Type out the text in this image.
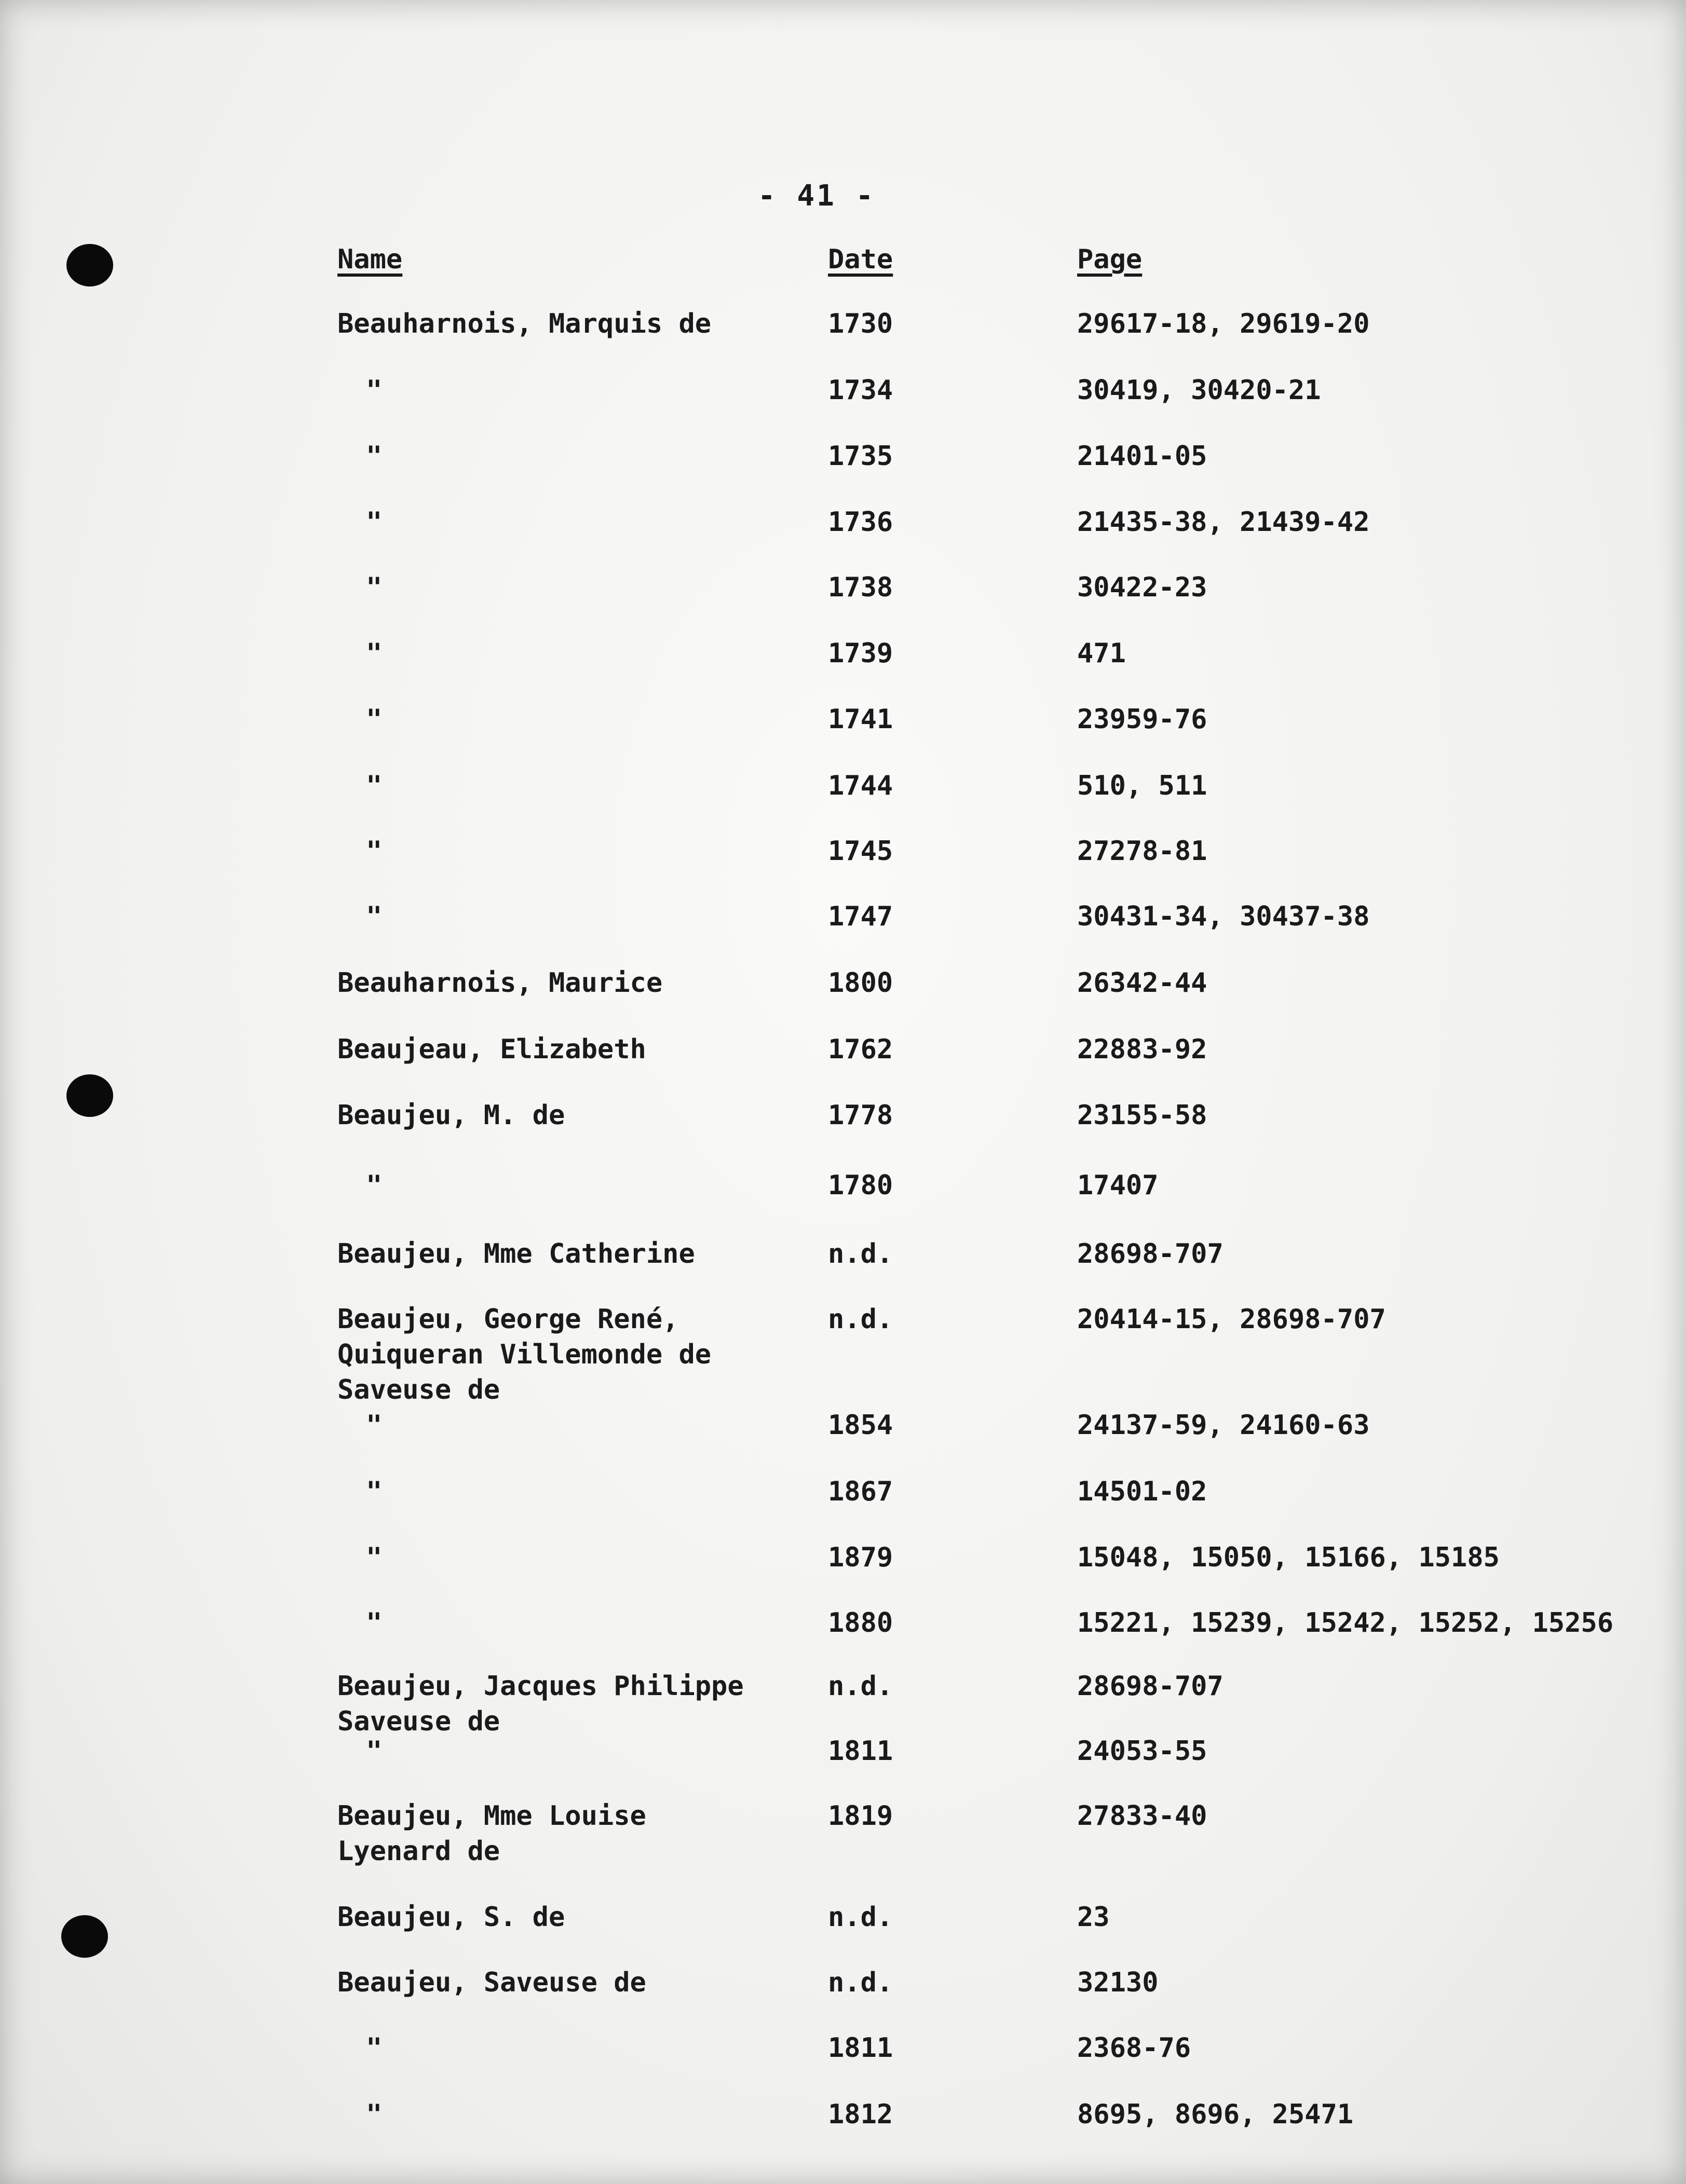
- 41 -
Name	Date	Page
Beauharnois, Marquis de	1730	29617-18, 29619-20
"	1734	30419, 30420-21
"	1735	21401-05
"	1736	21435-38, 21439-42
"	1738	30422-23
"	1739	471
"	1741	23959-76
"	1744	510, 511
"	1745	27278-81
"	1747	30431-34, 30437-38
Beauharnois, Maurice	1800	26342-44
Beaujeau, Elizabeth	1762	22883-92
Beaujeu, M. de	1778	23155-58
"	1780	17407
Beaujeu, Mme Catherine	n.d.	28698-707
Beaujeu, George René,
Quiqueran Villemonde de
Saveuse de
n.d.	20414-15, 28698-707
"	1854	24137-59, 24160-63
"	1867	14501-02
"	1879	15048, 15050, 15166, 15185
"	1880	15221, 15239, 15242, 15252, 15256
Beaujeu, Jacques Philippe
Saveuse de
n.d.	28698-707
"	1811	24053-55
Beaujeu, Mme Louise
Lyenard de
1819	27833-40
Beaujeu, S. de	n.d.	23
Beaujeu, Saveuse de	n.d.	32130
"	1811	2368-76
"	1812	8695, 8696, 25471
